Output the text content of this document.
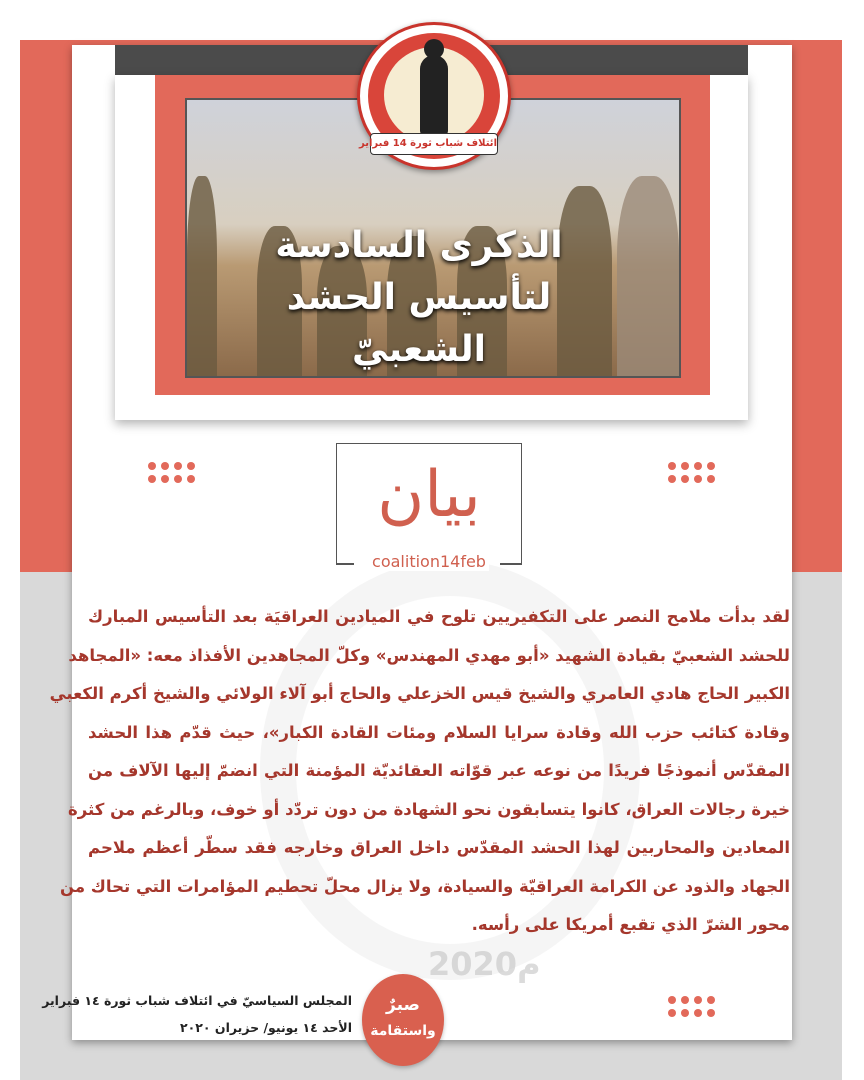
الذكرى السادسة
لتأسيس الحشد
الشعبيّ
ائتلاف شباب ثورة 14 فبراير
2020م
بيان
coalition14feb
لقد بدأت ملامح النصر على التكفيريين تلوح في الميادين العراقيَة بعد التأسيس المبارك
للحشد الشعبيّ بقيادة الشهيد «أبو مهدي المهندس» وكلّ المجاهدين الأفذاذ معه: «المجاهد
الكبير الحاج هادي العامري والشيخ قيس الخزعلي والحاج أبو آلاء الولائي والشيخ أكرم الكعبي
وقادة كتائب حزب الله وقادة سرايا السلام ومئات القادة الكبار»، حيث قدّم هذا الحشد
المقدّس أنموذجًا فريدًا من نوعه عبر قوّاته العقائديّة المؤمنة التي انضمّ إليها الآلاف من
خيرة رجالات العراق، كانوا يتسابقون نحو الشهادة من دون تردّد أو خوف، وبالرغم من كثرة
المعادين والمحاربين لهذا الحشد المقدّس داخل العراق وخارجه فقد سطّر أعظم ملاحم
الجهاد والذود عن الكرامة العراقيّة والسيادة، ولا يزال محلّ تحطيم المؤامرات التي تحاك من
محور الشرّ الذي تقبع أمريكا على رأسه.
المجلس السياسيّ في ائتلاف شباب ثورة ١٤ فبراير
الأحد ١٤ يونيو/ حزيران ٢٠٢٠
صبرٌ
واستقامة
